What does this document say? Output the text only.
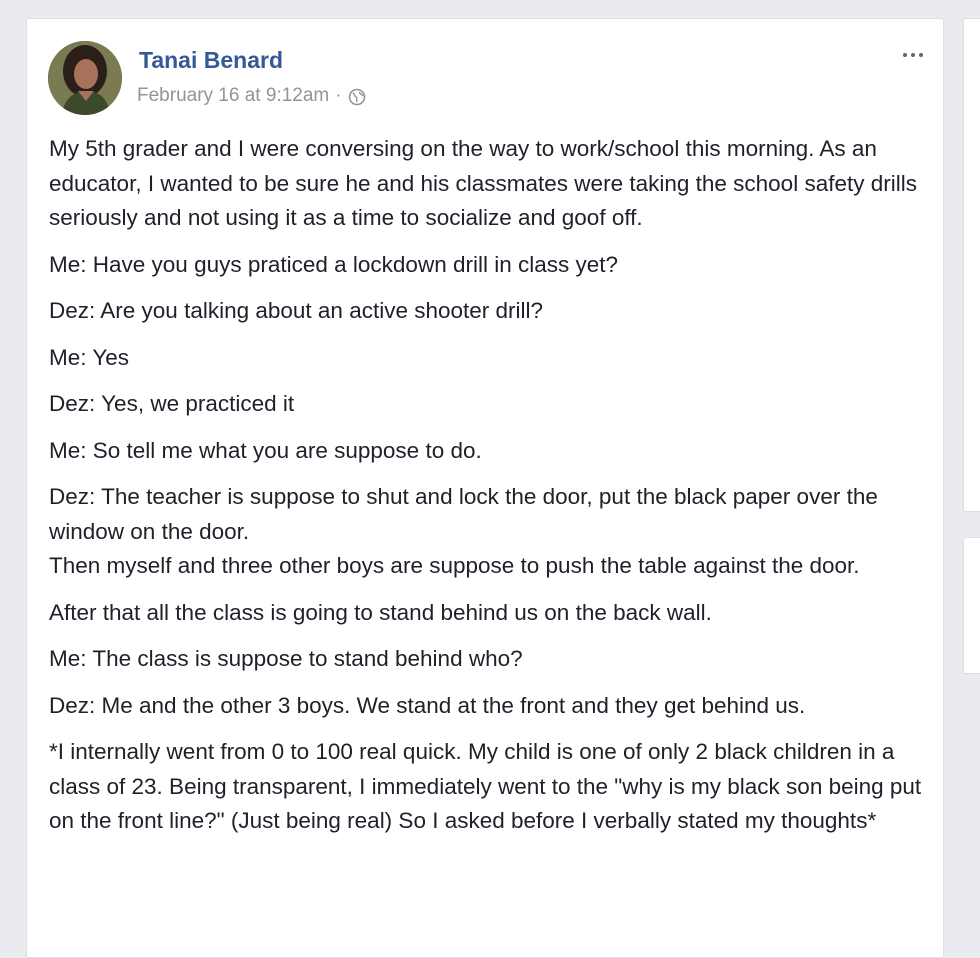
Tanai Benard
February 16 at 9:12am ·

My 5th grader and I were conversing on the way to work/school this morning. As an educator, I wanted to be sure he and his classmates were taking the school safety drills seriously and not using it as a time to socialize and goof off.

Me: Have you guys praticed a lockdown drill in class yet?

Dez: Are you talking about an active shooter drill?

Me: Yes

Dez: Yes, we practiced it

Me: So tell me what you are suppose to do.

Dez: The teacher is suppose to shut and lock the door, put the black paper over the window on the door.
Then myself and three other boys are suppose to push the table against the door.

After that all the class is going to stand behind us on the back wall.

Me: The class is suppose to stand behind who?

Dez: Me and the other 3 boys. We stand at the front and they get behind us.

*I internally went from 0 to 100 real quick. My child is one of only 2 black children in a class of 23. Being transparent, I immediately went to the "why is my black son being put on the front line?" (Just being real) So I asked before I verbally stated my thoughts*
